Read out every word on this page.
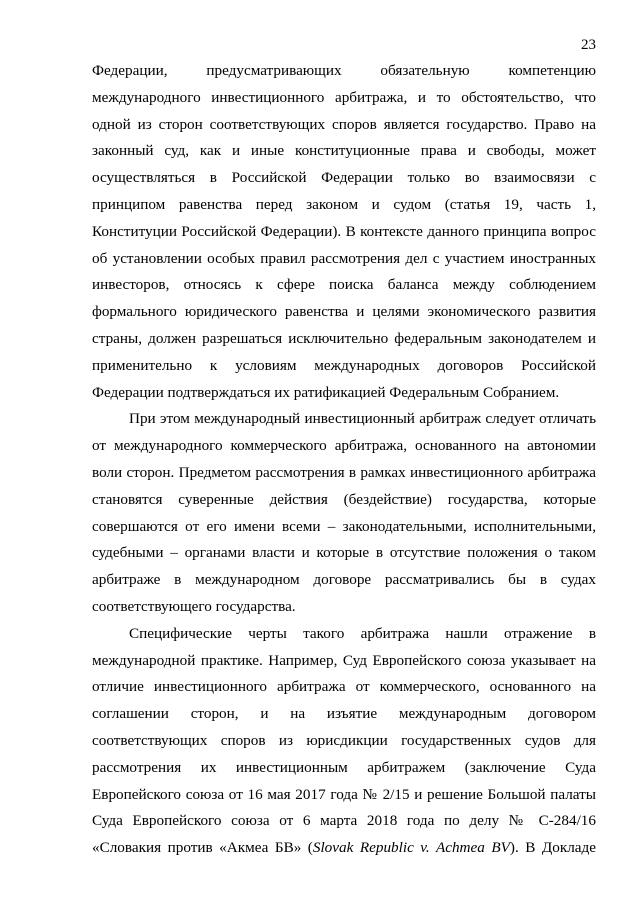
23

Федерации, предусматривающих обязательную компетенцию международного инвестиционного арбитража, и то обстоятельство, что одной из сторон соответствующих споров является государство. Право на законный суд, как и иные конституционные права и свободы, может осуществляться в Российской Федерации только во взаимосвязи с принципом равенства перед законом и судом (статья 19, часть 1, Конституции Российской Федерации). В контексте данного принципа вопрос об установлении особых правил рассмотрения дел с участием иностранных инвесторов, относясь к сфере поиска баланса между соблюдением формального юридического равенства и целями экономического развития страны, должен разрешаться исключительно федеральным законодателем и применительно к условиям международных договоров Российской Федерации подтверждаться их ратификацией Федеральным Собранием.

При этом международный инвестиционный арбитраж следует отличать от международного коммерческого арбитража, основанного на автономии воли сторон. Предметом рассмотрения в рамках инвестиционного арбитража становятся суверенные действия (бездействие) государства, которые совершаются от его имени всеми – законодательными, исполнительными, судебными – органами власти и которые в отсутствие положения о таком арбитраже в международном договоре рассматривались бы в судах соответствующего государства.

Специфические черты такого арбитража нашли отражение в международной практике. Например, Суд Европейского союза указывает на отличие инвестиционного арбитража от коммерческого, основанного на соглашении сторон, и на изъятие международным договором соответствующих споров из юрисдикции государственных судов для рассмотрения их инвестиционным арбитражем (заключение Суда Европейского союза от 16 мая 2017 года № 2/15 и решение Большой палаты Суда Европейского союза от 6 марта 2018 года по делу № C-284/16 «Словакия против «Акмеа БВ» (Slovak Republic v. Achmea BV). В Докладе
